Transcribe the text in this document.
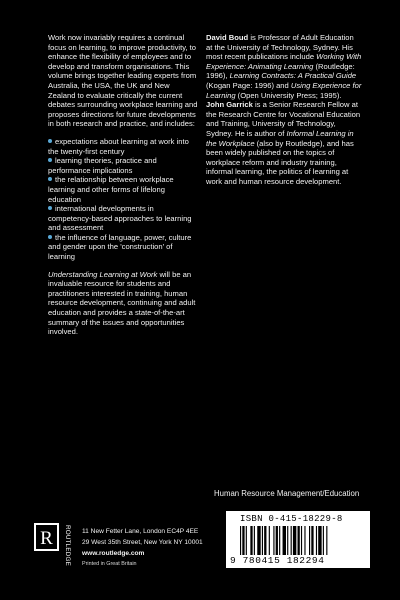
Work now invariably requires a continual focus on learning, to improve productivity, to enhance the flexibility of employees and to develop and transform organisations. This volume brings together leading experts from Australia, the USA, the UK and New Zealand to evaluate critically the current debates surrounding workplace learning and proposes directions for future developments in both research and practice, and includes:

expectations about learning at work into the twenty-first century
learning theories, practice and performance implications
the relationship between workplace learning and other forms of lifelong education
international developments in competency-based approaches to learning and assessment
the influence of language, power, culture and gender upon the 'construction' of learning

Understanding Learning at Work will be an invaluable resource for students and practitioners interested in training, human resource development, continuing and adult education and provides a state-of-the-art summary of the issues and opportunities involved.

David Boud is Professor of Adult Education at the University of Technology, Sydney. His most recent publications include Working With Experience: Animating Learning (Routledge: 1996), Learning Contracts: A Practical Guide (Kogan Page: 1996) and Using Experience for Learning (Open University Press; 1995).

John Garrick is a Senior Research Fellow at the Research Centre for Vocational Education and Training, University of Technology, Sydney. He is author of Informal Learning in the Workplace (also by Routledge), and has been widely published on the topics of workplace reform and industry training, informal learning, the politics of learning at work and human resource development.

Human Resource Management/Education
ISBN 0-415-18229-8
9 780415 182294
R ROUTLEDGE 11 New Fetter Lane, London EC4P 4EE
29 West 35th Street, New York NY 10001
www.routledge.com
Printed in Great Britain
